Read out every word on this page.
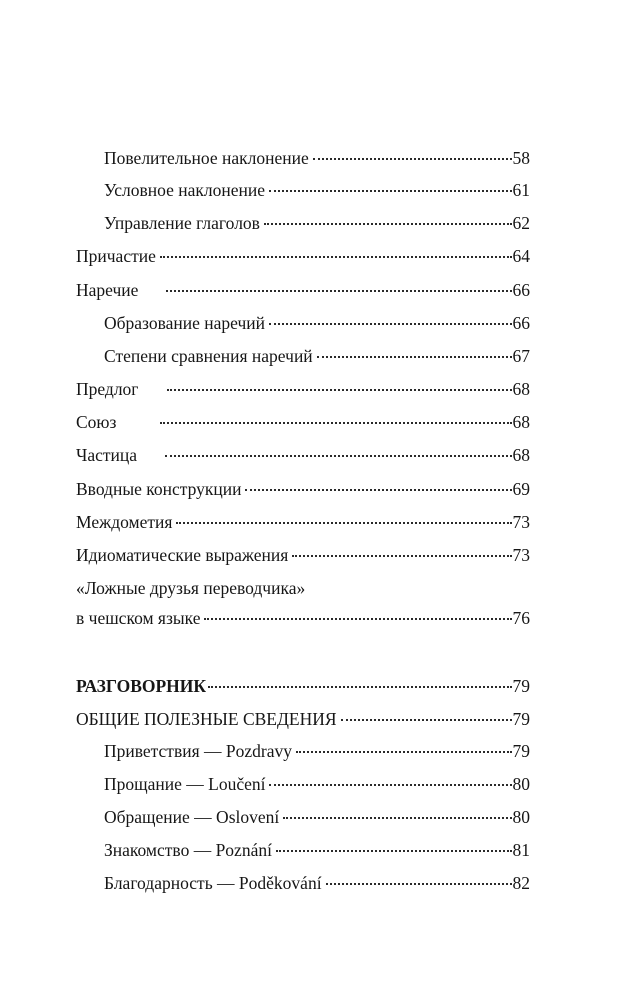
Повелительное наклонение	58
Условное наклонение	61
Управление глаголов	62
Причастие	64
Наречие	66
Образование наречий	66
Степени сравнения наречий	67
Предлог	68
Союз	68
Частица	68
Вводные конструкции	69
Междометия	73
Идиоматические выражения	73
«Ложные друзья переводчика»
в чешском языке	76
РАЗГОВОРНИК	79
ОБЩИЕ ПОЛЕЗНЫЕ СВЕДЕНИЯ	79
Приветствия — Pozdravy	79
Прощание — Loučení	80
Обращение — Oslovení	80
Знакомство — Poznání	81
Благодарность — Poděkování	82
